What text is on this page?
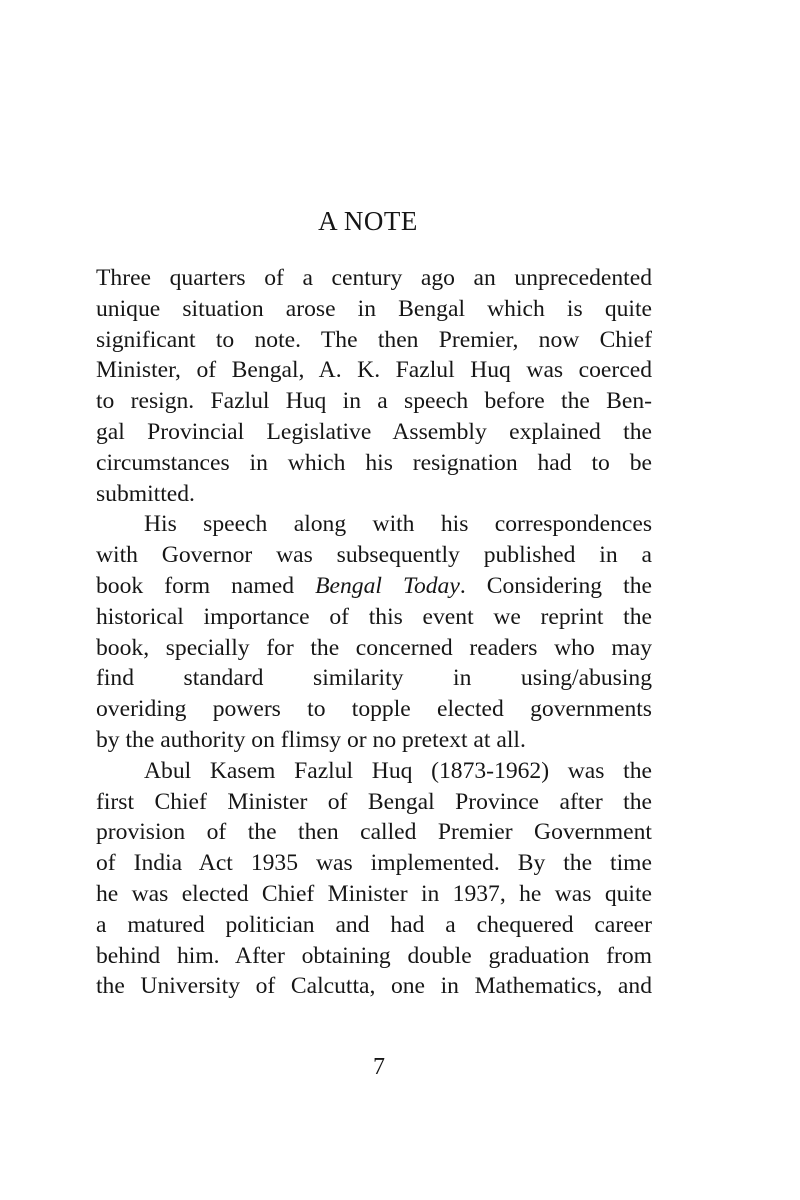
A NOTE
Three quarters of a century ago an unprecedented
unique situation arose in Bengal which is quite
significant to note. The then Premier, now Chief
Minister, of Bengal, A. K. Fazlul Huq was coerced
to resign. Fazlul Huq in a speech before the Ben-
gal Provincial Legislative Assembly explained the
circumstances in which his resignation had to be
submitted.
His speech along with his correspondences
with Governor was subsequently published in a
book form named Bengal Today. Considering the
historical importance of this event we reprint the
book, specially for the concerned readers who may
find standard similarity in using/abusing
overiding powers to topple elected governments
by the authority on flimsy or no pretext at all.
Abul Kasem Fazlul Huq (1873-1962) was the
first Chief Minister of Bengal Province after the
provision of the then called Premier Government
of India Act 1935 was implemented. By the time
he was elected Chief Minister in 1937, he was quite
a matured politician and had a chequered career
behind him. After obtaining double graduation from
the University of Calcutta, one in Mathematics, and
7
